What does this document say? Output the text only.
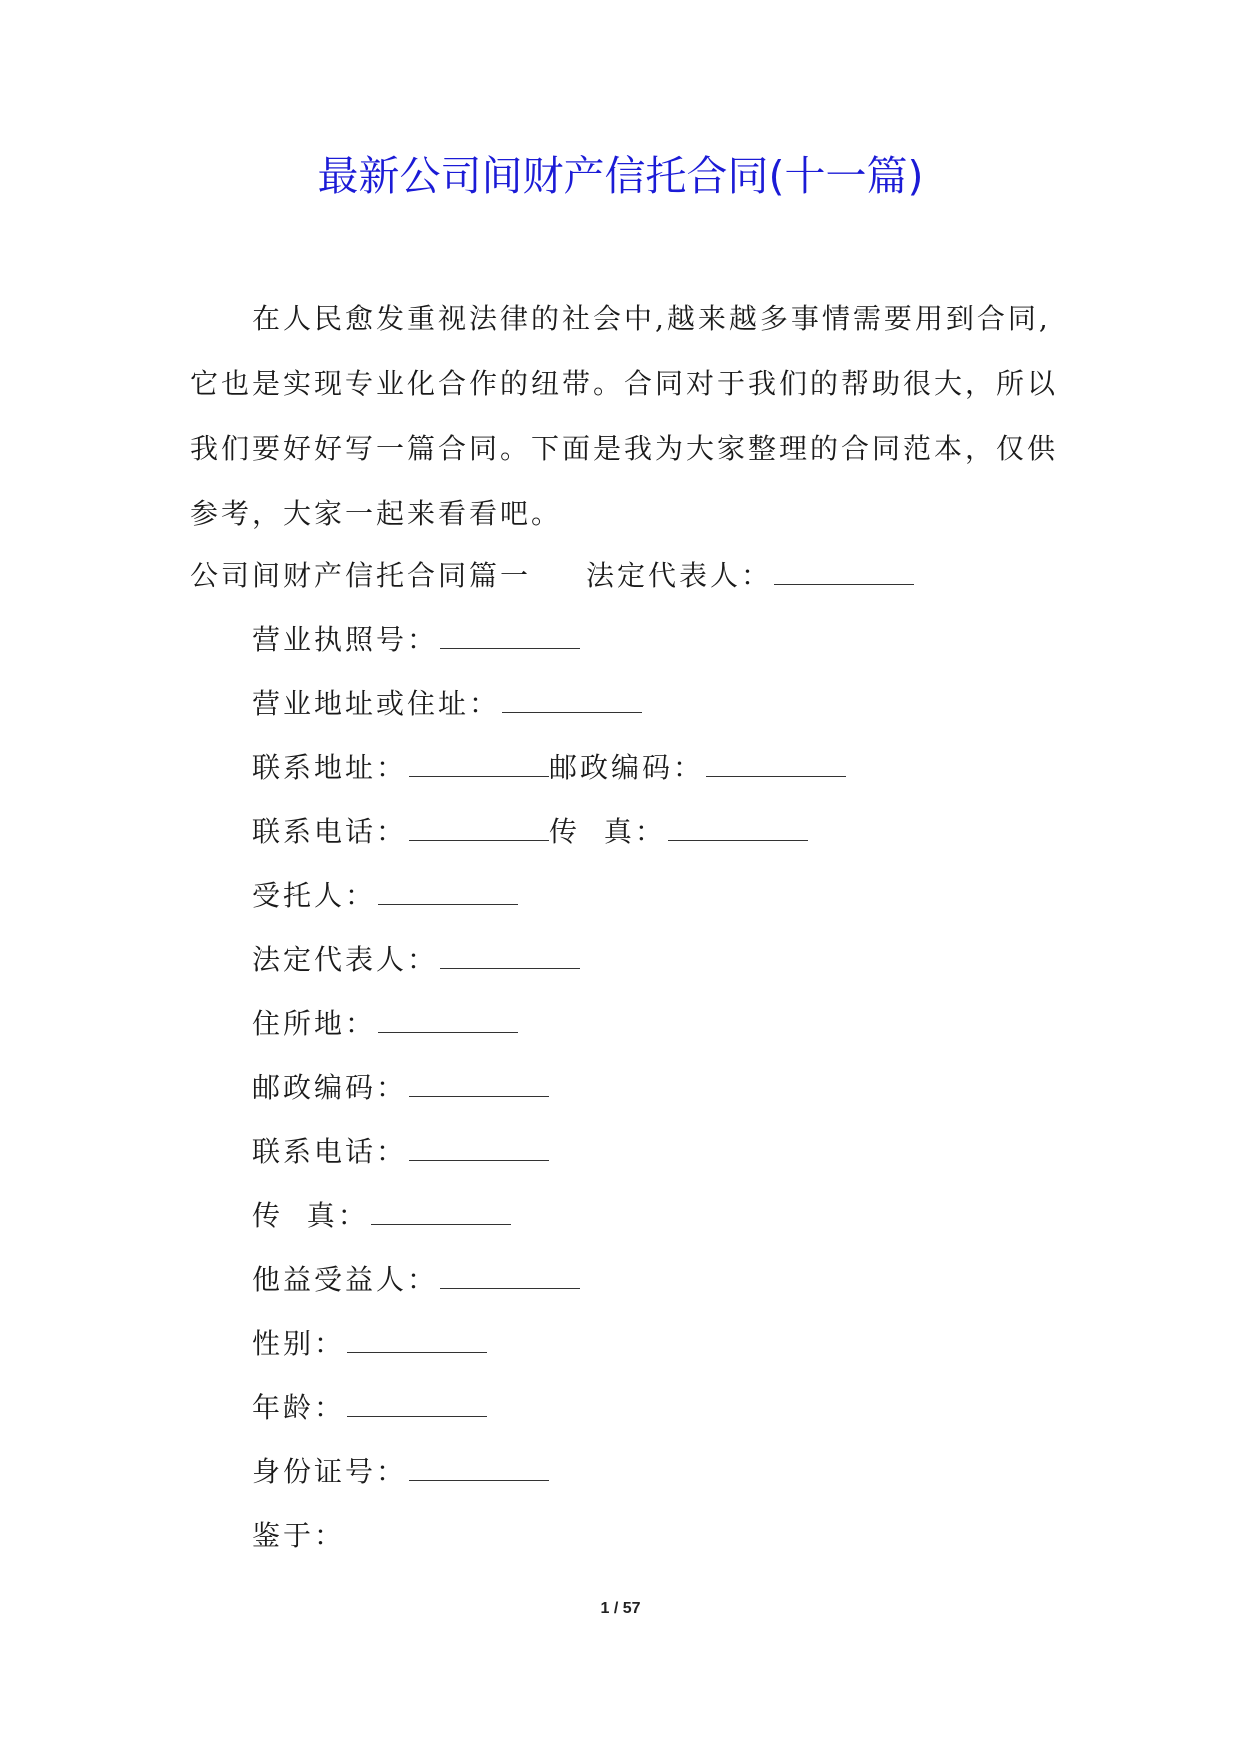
最新公司间财产信托合同(十一篇)
在人民愈发重视法律的社会中,越来越多事情需要用到合同,
它也是实现专业化合作的纽带。合同对于我们的帮助很大，所以
我们要好好写一篇合同。下面是我为大家整理的合同范本，仅供
参考，大家一起来看看吧。
公司间财产信托合同篇一 法定代表人：
营业执照号：
营业地址或住址：
联系地址：	邮政编码：
联系电话：	传  真：
受托人：
法定代表人：
住所地：
邮政编码：
联系电话：
传  真：
他益受益人：
性别：
年龄：
身份证号：
鉴于：
1 / 57
